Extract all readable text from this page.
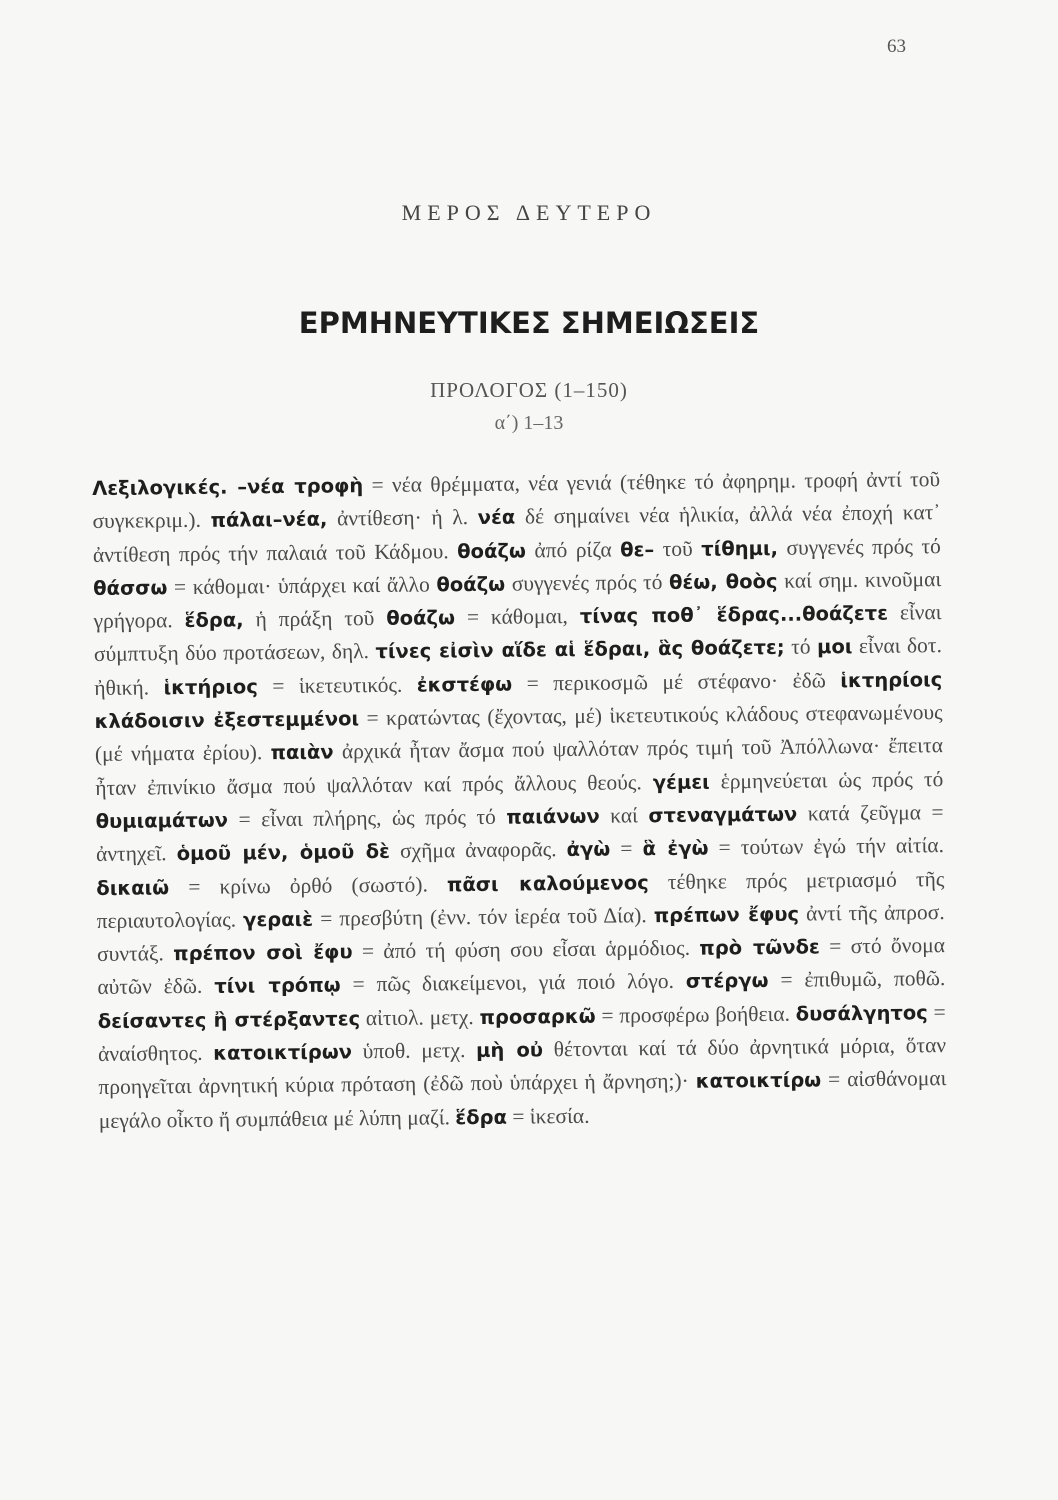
63
ΜΕΡΟΣ ΔΕΥΤΕΡΟ
ΕΡΜΗΝΕΥΤΙΚΕΣ ΣΗΜΕΙΩΣΕΙΣ
ΠΡΟΛΟΓΟΣ (1–150)
α΄) 1–13
Λεξιλογικές. –νέα τροφὴ = νέα θρέμματα, νέα γενιά (τέθηκε τό ἀφηρημ. τροφή ἀντί τοῦ συγκεκριμ.). πάλαι–νέα, ἀντίθεση· ἡ λ. νέα δέ σημαίνει νέα ἡλικία, ἀλλά νέα ἐποχή κατ᾽ ἀντίθεση πρός τήν παλαιά τοῦ Κάδμου. θοάζω ἀπό ρίζα θε– τοῦ τίθημι, συγγενές πρός τό θάσσω = κάθομαι· ὑπάρχει καί ἄλλο θοάζω συγγενές πρός τό θέω, θοὸς καί σημ. κινοῦμαι γρήγορα. ἕδρα, ἡ πράξη τοῦ θοάζω = κάθομαι, τίνας ποθ᾽ ἕδρας...θοάζετε εἶναι σύμπτυξη δύο προτάσεων, δηλ. τίνες εἰσὶν αἵδε αἱ ἕδραι, ἃς θοάζετε; τό μοι εἶναι δοτ. ἠθική. ἱκτήριος = ἱκετευτικός. ἐκστέφω = περικοσμῶ μέ στέφανο· ἐδῶ ἱκτηρίοις κλάδοισιν ἐξεστεμμένοι = κρατώντας (ἔχοντας, μέ) ἱκετευτικούς κλάδους στεφανωμένους (μέ νήματα ἐρίου). παιὰν ἀρχικά ἦταν ἄσμα πού ψαλλόταν πρός τιμή τοῦ Ἀπόλλωνα· ἔπειτα ἦταν ἐπινίκιο ἄσμα πού ψαλλόταν καί πρός ἄλλους θεούς. γέμει ἑρμηνεύεται ὡς πρός τό θυμιαμάτων = εἶναι πλήρης, ὡς πρός τό παιάνων καί στεναγμάτων κατά ζεῦγμα = ἀντηχεῖ. ὁμοῦ μέν, ὁμοῦ δὲ σχῆμα ἀναφορᾶς. ἀγὼ = ἃ ἐγὼ = τούτων ἐγώ τήν αἰτία. δικαιῶ = κρίνω ὀρθό (σωστό). πᾶσι καλούμενος τέθηκε πρός μετριασμό τῆς περιαυτολογίας. γεραιὲ = πρεσβύτη (ἐνν. τόν ἱερέα τοῦ Δία). πρέπων ἔφυς ἀντί τῆς ἀπροσ. συντάξ. πρέπον σοὶ ἔφυ = ἀπό τή φύση σου εἶσαι ἁρμόδιος. πρὸ τῶνδε = στό ὄνομα αὐτῶν ἐδῶ. τίνι τρόπῳ = πῶς διακείμενοι, γιά ποιό λόγο. στέργω = ἐπιθυμῶ, ποθῶ. δείσαντες ἢ στέρξαντες αἰτιολ. μετχ. προσαρκῶ = προσφέρω βοήθεια. δυσάλγητος = ἀναίσθητος. κατοικτίρων ὑποθ. μετχ. μὴ οὐ θέτονται καί τά δύο ἀρνητικά μόρια, ὅταν προηγεῖται ἀρνητική κύρια πρόταση (ἐδῶ ποὺ ὑπάρχει ἡ ἄρνηση;)· κατοικτίρω = αἰσθάνομαι μεγάλο οἶκτο ἤ συμπάθεια μέ λύπη μαζί. ἕδρα = ἱκεσία.
